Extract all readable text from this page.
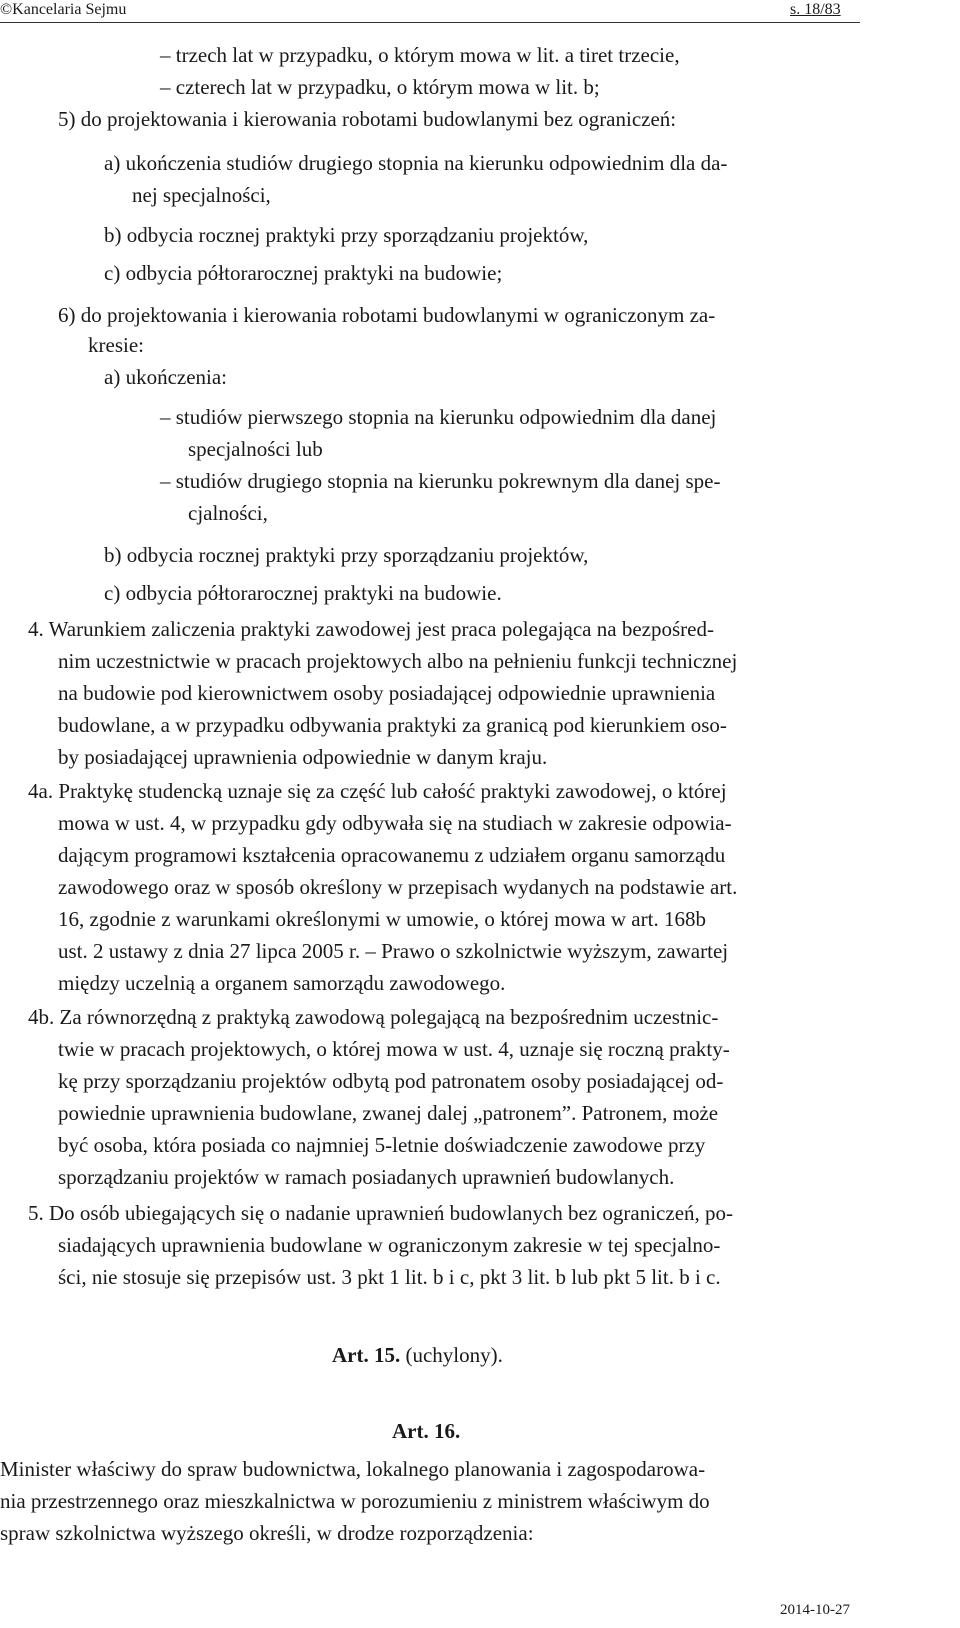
©Kancelaria Sejmu	s. 18/83
– trzech lat w przypadku, o którym mowa w lit. a tiret trzecie,
– czterech lat w przypadku, o którym mowa w lit. b;
5) do projektowania i kierowania robotami budowlanymi bez ograniczeń:
a) ukończenia studiów drugiego stopnia na kierunku odpowiednim dla da-
nej specjalności,
b) odbycia rocznej praktyki przy sporządzaniu projektów,
c) odbycia półtorarocznej praktyki na budowie;
6) do projektowania i kierowania robotami budowlanymi w ograniczonym za-
kresie:
a) ukończenia:
– studiów pierwszego stopnia na kierunku odpowiednim dla danej
specjalności lub
– studiów drugiego stopnia na kierunku pokrewnym dla danej spe-
cjalności,
b) odbycia rocznej praktyki przy sporządzaniu projektów,
c) odbycia półtorarocznej praktyki na budowie.
4. Warunkiem zaliczenia praktyki zawodowej jest praca polegająca na bezpośred-
nim uczestnictwie w pracach projektowych albo na pełnieniu funkcji technicznej
na budowie pod kierownictwem osoby posiadającej odpowiednie uprawnienia
budowlane, a w przypadku odbywania praktyki za granicą pod kierunkiem oso-
by posiadającej uprawnienia odpowiednie w danym kraju.
4a. Praktykę studencką uznaje się za część lub całość praktyki zawodowej, o której
mowa w ust. 4, w przypadku gdy odbywała się na studiach w zakresie odpowia-
dającym programowi kształcenia opracowanemu z udziałem organu samorządu
zawodowego oraz w sposób określony w przepisach wydanych na podstawie art.
16, zgodnie z warunkami określonymi w umowie, o której mowa w art. 168b
ust. 2 ustawy z dnia 27 lipca 2005 r. – Prawo o szkolnictwie wyższym, zawartej
między uczelnią a organem samorządu zawodowego.
4b. Za równorzędną z praktyką zawodową polegającą na bezpośrednim uczestnic-
twie w pracach projektowych, o której mowa w ust. 4, uznaje się roczną prakty-
kę przy sporządzaniu projektów odbytą pod patronatem osoby posiadającej od-
powiednie uprawnienia budowlane, zwanej dalej „patronem”. Patronem, może
być osoba, która posiada co najmniej 5-letnie doświadczenie zawodowe przy
sporządzaniu projektów w ramach posiadanych uprawnień budowlanych.
5. Do osób ubiegających się o nadanie uprawnień budowlanych bez ograniczeń, po-
siadających uprawnienia budowlane w ograniczonym zakresie w tej specjalno-
ści, nie stosuje się przepisów ust. 3 pkt 1 lit. b i c, pkt 3 lit. b lub pkt 5 lit. b i c.
Art. 15. (uchylony).
Art. 16.
Minister właściwy do spraw budownictwa, lokalnego planowania i zagospodarowa-
nia przestrzennego oraz mieszkalnictwa w porozumieniu z ministrem właściwym do
spraw szkolnictwa wyższego określi, w drodze rozporządzenia:
2014-10-27
